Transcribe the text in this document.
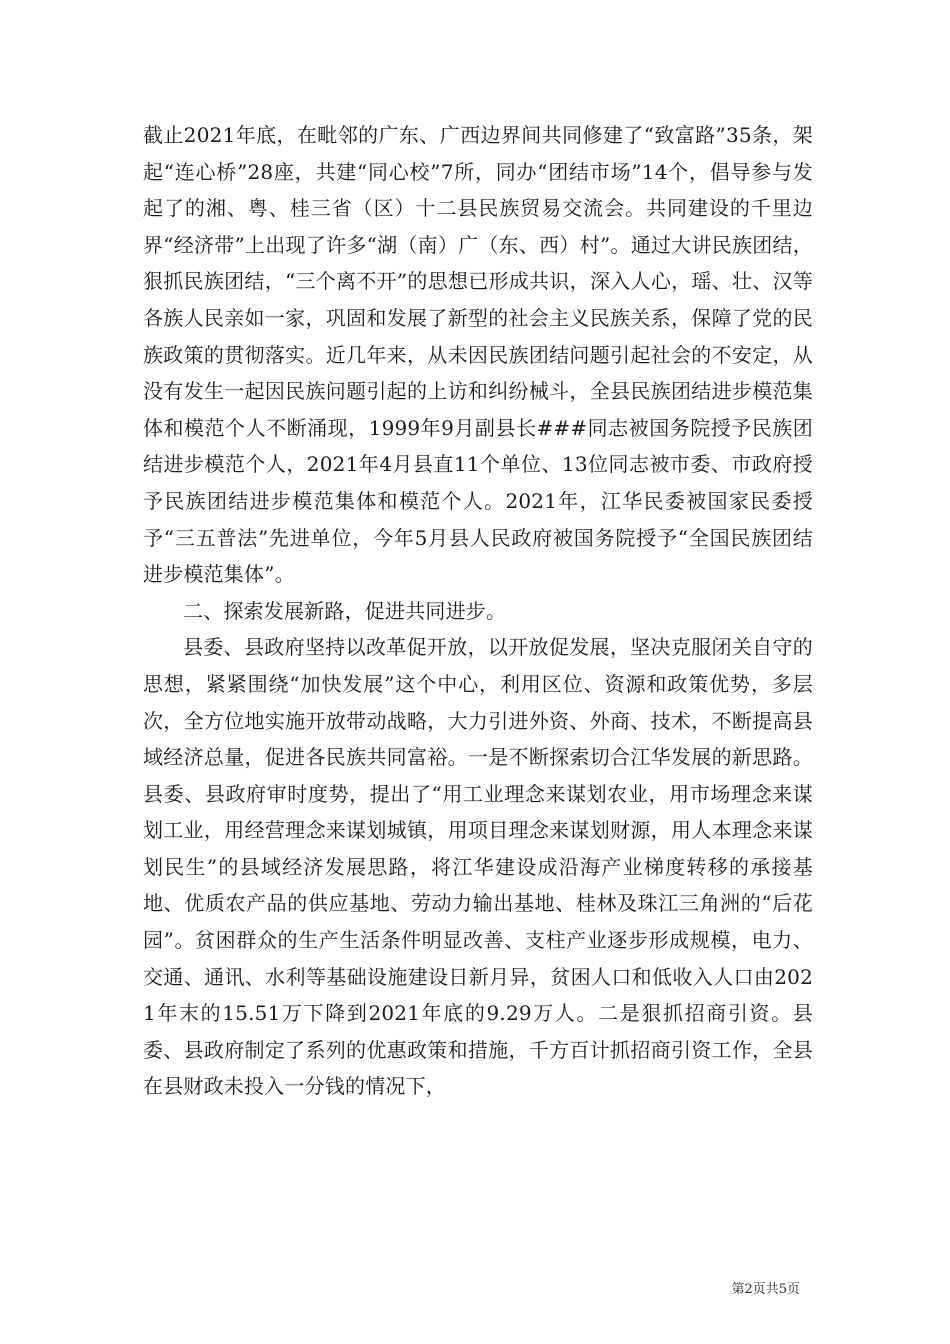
截止2021年底，在毗邻的广东、广西边界间共同修建了“致富路”35条，架起“连心桥”28座，共建“同心校”7所，同办“团结市场”14个，倡导参与发起了的湘、粤、桂三省（区）十二县民族贸易交流会。共同建设的千里边界“经济带”上出现了许多“湖（南）广（东、西）村”。通过大讲民族团结，狠抓民族团结，“三个离不开”的思想已形成共识，深入人心，瑶、壮、汉等各族人民亲如一家，巩固和发展了新型的社会主义民族关系，保障了党的民族政策的贯彻落实。近几年来，从未因民族团结问题引起社会的不安定，从没有发生一起因民族问题引起的上访和纠纷械斗，全县民族团结进步模范集体和模范个人不断涌现，1999年9月副县长###同志被国务院授予民族团结进步模范个人，2021年4月县直11个单位、13位同志被市委、市政府授予民族团结进步模范集体和模范个人。2021年，江华民委被国家民委授予“三五普法”先进单位，今年5月县人民政府被国务院授予“全国民族团结进步模范集体”。

二、探索发展新路，促进共同进步。

县委、县政府坚持以改革促开放，以开放促发展，坚决克服闭关自守的思想，紧紧围绕“加快发展”这个中心，利用区位、资源和政策优势，多层次，全方位地实施开放带动战略，大力引进外资、外商、技术，不断提高县域经济总量，促进各民族共同富裕。一是不断探索切合江华发展的新思路。县委、县政府审时度势，提出了“用工业理念来谋划农业，用市场理念来谋划工业，用经营理念来谋划城镇，用项目理念来谋划财源，用人本理念来谋划民生”的县域经济发展思路，将江华建设成沿海产业梯度转移的承接基地、优质农产品的供应基地、劳动力输出基地、桂林及珠江三角洲的“后花园”。贫困群众的生产生活条件明显改善、支柱产业逐步形成规模，电力、交通、通讯、水利等基础设施建设日新月异，贫困人口和低收入人口由2021年末的15.51万下降到2021年底的9.29万人。二是狠抓招商引资。县委、县政府制定了系列的优惠政策和措施，千方百计抓招商引资工作，全县在县财政未投入一分钱的情况下，

第2页共5页
